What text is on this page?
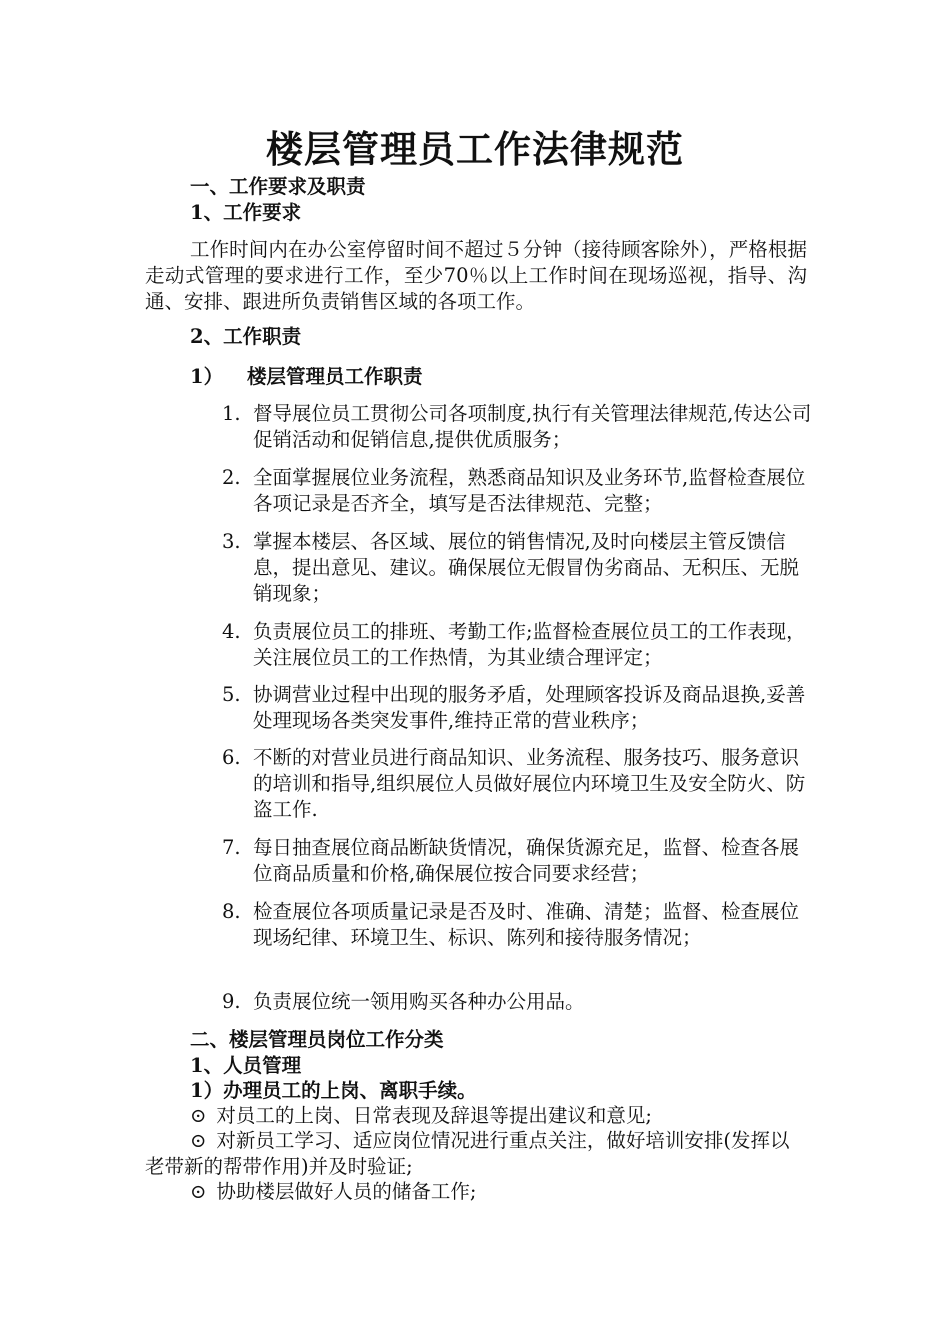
楼层管理员工作法律规范
一、工作要求及职责
1、工作要求

工作时间内在办公室停留时间不超过５分钟（接待顾客除外），严格根据走动式管理的要求进行工作，至少70％以上工作时间在现场巡视，指导、沟通、安排、跟进所负责销售区域的各项工作。

2、工作职责
1） 楼层管理员工作职责
1. 督导展位员工贯彻公司各项制度,执行有关管理法律规范,传达公司促销活动和促销信息,提供优质服务；
2. 全面掌握展位业务流程，熟悉商品知识及业务环节,监督检查展位各项记录是否齐全，填写是否法律规范、完整；
3. 掌握本楼层、各区域、展位的销售情况,及时向楼层主管反馈信息，提出意见、建议。确保展位无假冒伪劣商品、无积压、无脱销现象；
4. 负责展位员工的排班、考勤工作;监督检查展位员工的工作表现，关注展位员工的工作热情，为其业绩合理评定；
5. 协调营业过程中出现的服务矛盾，处理顾客投诉及商品退换,妥善处理现场各类突发事件,维持正常的营业秩序；
6. 不断的对营业员进行商品知识、业务流程、服务技巧、服务意识的培训和指导,组织展位人员做好展位内环境卫生及安全防火、防盗工作.
7. 每日抽查展位商品断缺货情况，确保货源充足，监督、检查各展位商品质量和价格,确保展位按合同要求经营；
8. 检查展位各项质量记录是否及时、准确、清楚；监督、检查展位现场纪律、环境卫生、标识、陈列和接待服务情况；
9. 负责展位统一领用购买各种办公用品。
二、楼层管理员岗位工作分类
1、人员管理
1）办理员工的上岗、离职手续。

⊙ 对员工的上岗、日常表现及辞退等提出建议和意见;

⊙ 对新员工学习、适应岗位情况进行重点关注，做好培训安排(发挥以老带新的帮带作用)并及时验证;

⊙ 协助楼层做好人员的储备工作;
